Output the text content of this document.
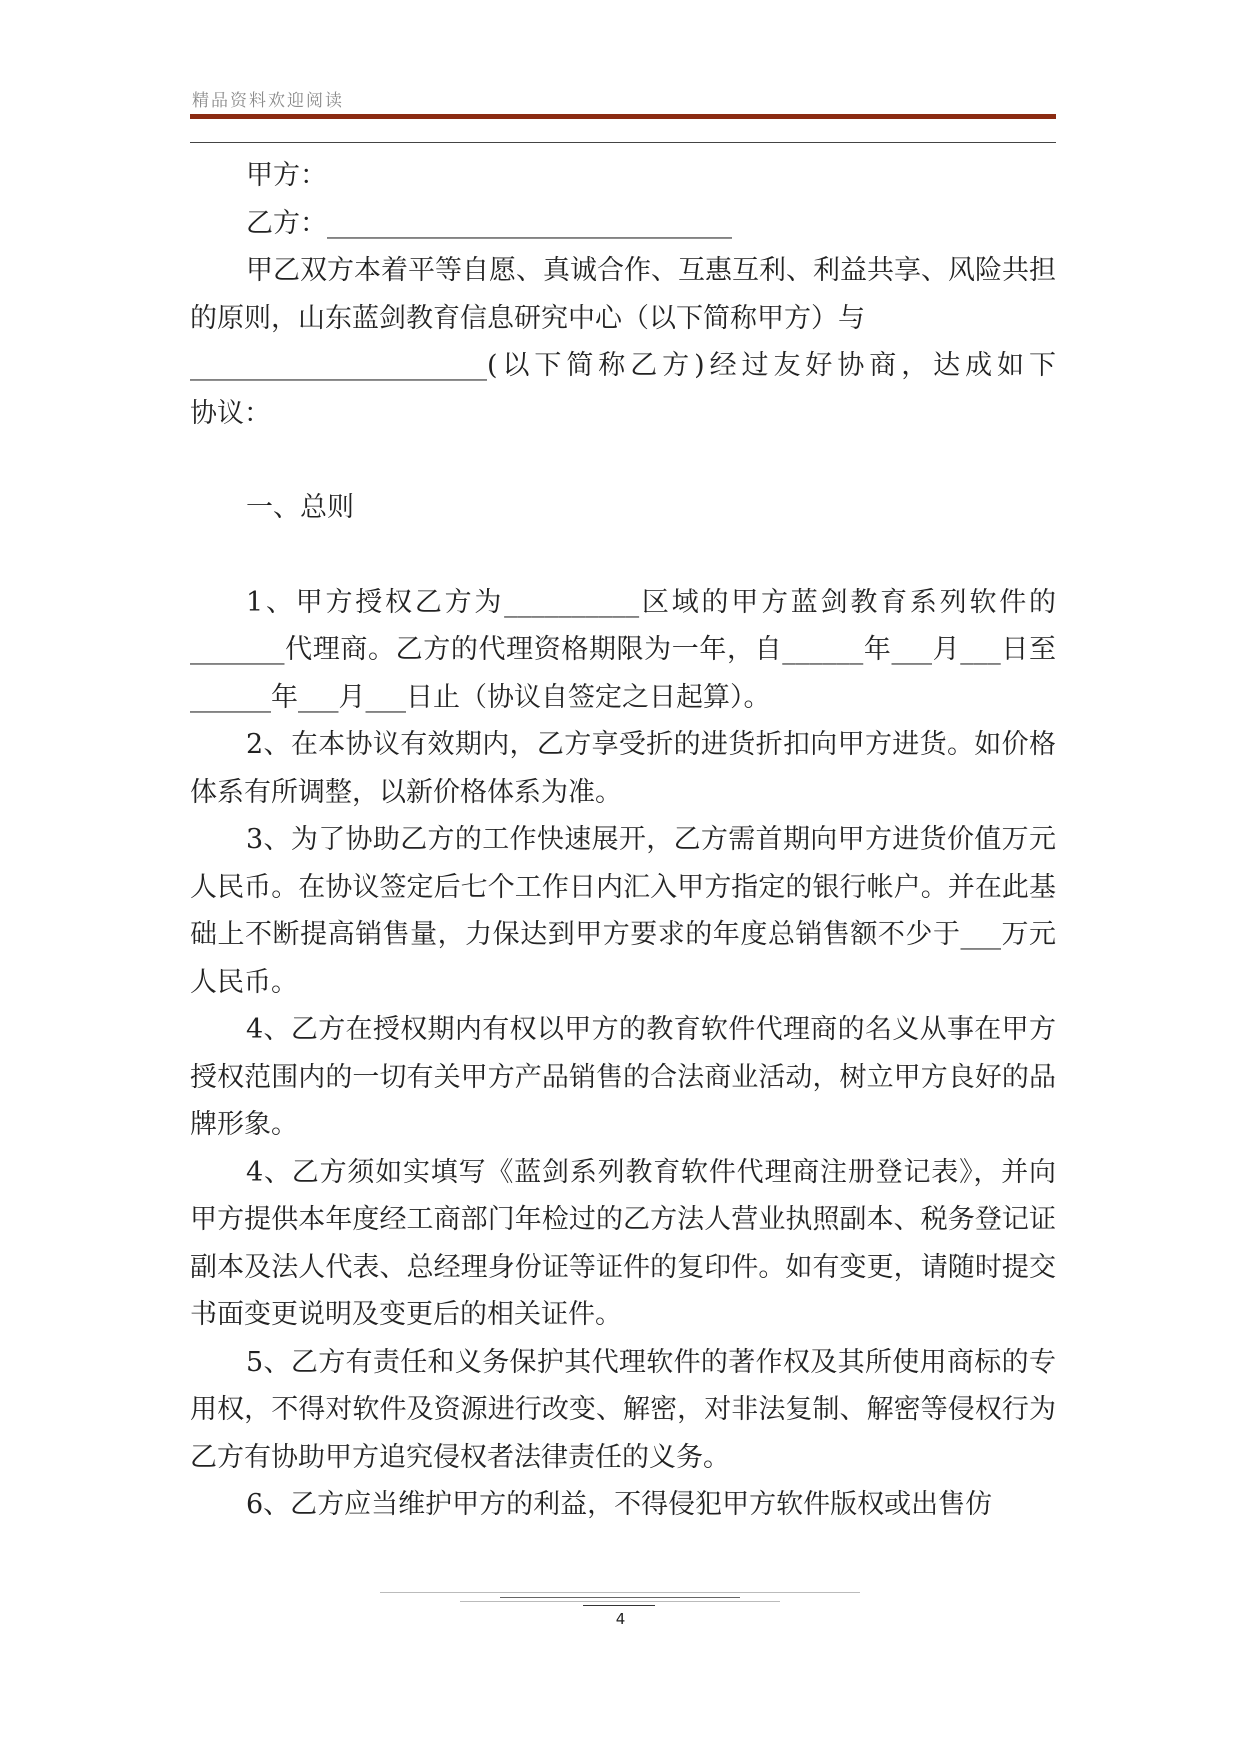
精品资料欢迎阅读

甲方：

乙方：______________________________

甲乙双方本着平等自愿、真诚合作、互惠互利、利益共享、风险共担的原则，山东蓝剑教育信息研究中心（以下简称甲方）与

______________________(以下简称乙方)经过友好协商，达成如下

协议：

一、总则

1、甲方授权乙方为__________区域的甲方蓝剑教育系列软件的_______代理商。乙方的代理资格期限为一年，自______年___月___日至______年___月___日止（协议自签定之日起算）。

2、在本协议有效期内，乙方享受折的进货折扣向甲方进货。如价格体系有所调整，以新价格体系为准。

3、为了协助乙方的工作快速展开，乙方需首期向甲方进货价值万元人民币。在协议签定后七个工作日内汇入甲方指定的银行帐户。并在此基础上不断提高销售量，力保达到甲方要求的年度总销售额不少于___万元人民币。

4、乙方在授权期内有权以甲方的教育软件代理商的名义从事在甲方授权范围内的一切有关甲方产品销售的合法商业活动，树立甲方良好的品牌形象。

4、乙方须如实填写《蓝剑系列教育软件代理商注册登记表》，并向甲方提供本年度经工商部门年检过的乙方法人营业执照副本、税务登记证副本及法人代表、总经理身份证等证件的复印件。如有变更，请随时提交书面变更说明及变更后的相关证件。

5、乙方有责任和义务保护其代理软件的著作权及其所使用商标的专用权，不得对软件及资源进行改变、解密，对非法复制、解密等侵权行为乙方有协助甲方追究侵权者法律责任的义务。

6、乙方应当维护甲方的利益，不得侵犯甲方软件版权或出售仿

4
